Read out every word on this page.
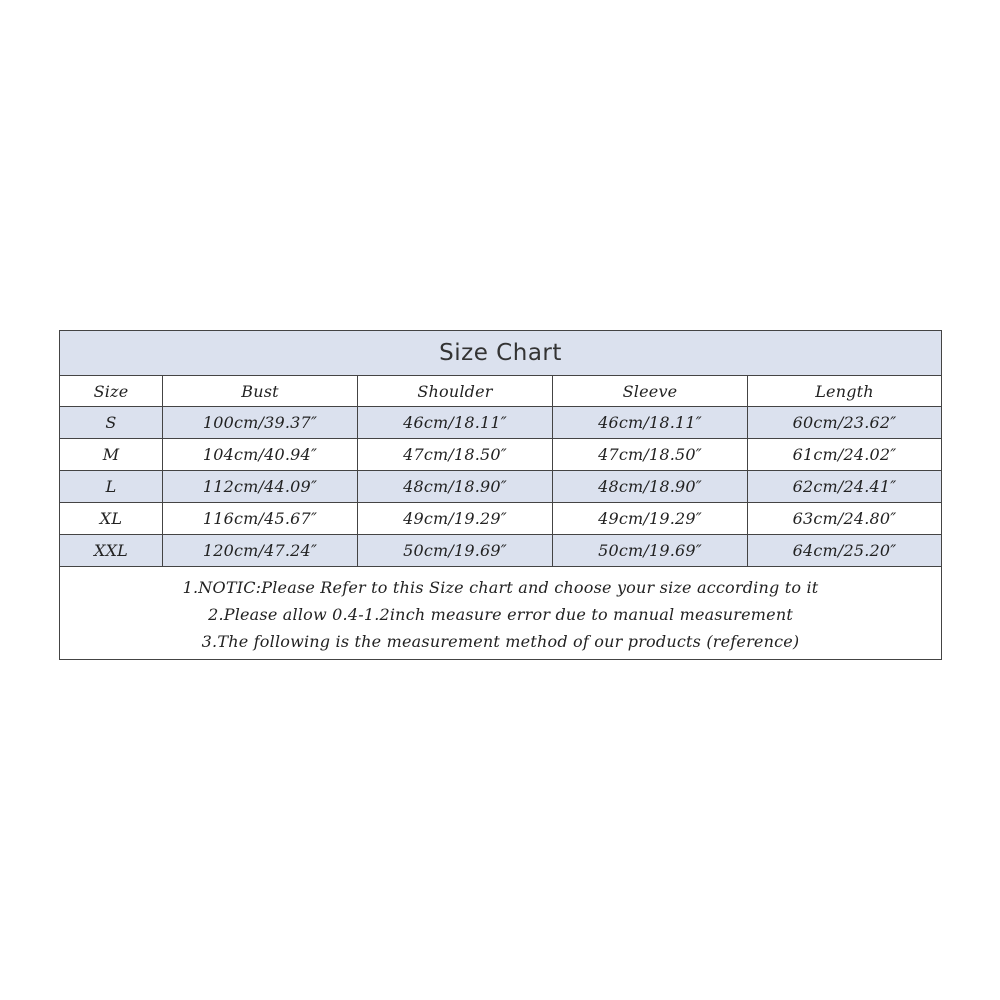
Size Chart				
Size	Bust	Shoulder	Sleeve	Length
S	100cm/39.37″	46cm/18.11″	46cm/18.11″	60cm/23.62″
M	104cm/40.94″	47cm/18.50″	47cm/18.50″	61cm/24.02″
L	112cm/44.09″	48cm/18.90″	48cm/18.90″	62cm/24.41″
XL	116cm/45.67″	49cm/19.29″	49cm/19.29″	63cm/24.80″
XXL	120cm/47.24″	50cm/19.69″	50cm/19.69″	64cm/25.20″

1.NOTIC:Please Refer to this Size chart and choose your size according to it
2.Please allow 0.4-1.2inch measure error due to manual measurement
3.The following is the measurement method of our products (reference)				
